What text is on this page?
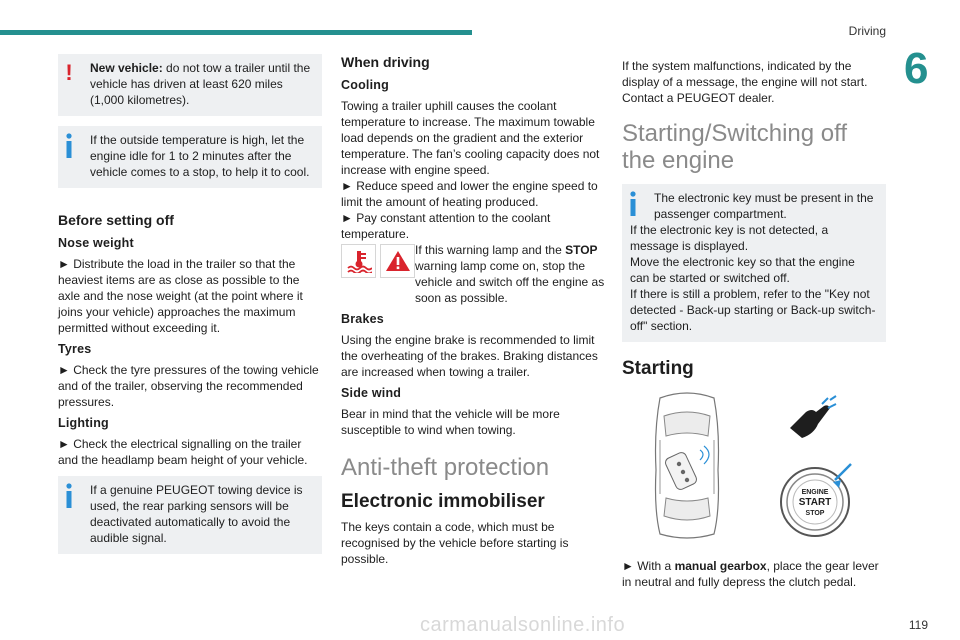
Driving
6
!	New vehicle: do not tow a trailer until the vehicle has driven at least 620 miles (1,000 kilometres).

If the outside temperature is high, let the engine idle for 1 to 2 minutes after the vehicle comes to a stop, to help it to cool.

Before setting off
Nose weight

► Distribute the load in the trailer so that the heaviest items are as close as possible to the axle and the nose weight (at the point where it joins your vehicle) approaches the maximum permitted without exceeding it.

Tyres

► Check the tyre pressures of the towing vehicle and of the trailer, observing the recommended pressures.

Lighting

► Check the electrical signalling on the trailer and the headlamp beam height of your vehicle.

If a genuine PEUGEOT towing device is used, the rear parking sensors will be deactivated automatically to avoid the audible signal.

When driving
Cooling

Towing a trailer uphill causes the coolant temperature to increase. The maximum towable load depends on the gradient and the exterior temperature. The fan’s cooling capacity does not increase with engine speed.

► Reduce speed and lower the engine speed to limit the amount of heating produced.

► Pay constant attention to the coolant temperature.

If this warning lamp and the STOP warning lamp come on, stop the vehicle and switch off the engine as soon as possible.

Brakes

Using the engine brake is recommended to limit the overheating of the brakes. Braking distances are increased when towing a trailer.

Side wind

Bear in mind that the vehicle will be more susceptible to wind when towing.

Anti-theft protection
Electronic immobiliser

The keys contain a code, which must be recognised by the vehicle before starting is possible.

If the system malfunctions, indicated by the display of a message, the engine will not start. Contact a PEUGEOT dealer.

Starting/Switching off the engine

The electronic key must be present in the passenger compartment.

If the electronic key is not detected, a message is displayed.

Move the electronic key so that the engine can be started or switched off.

If there is still a problem, refer to the "Key not detected - Back-up starting or Back-up switch-off" section.

Starting
ENGINE
START
STOP

► With a manual gearbox, place the gear lever in neutral and fully depress the clutch pedal.

carmanualsonline.info	119
